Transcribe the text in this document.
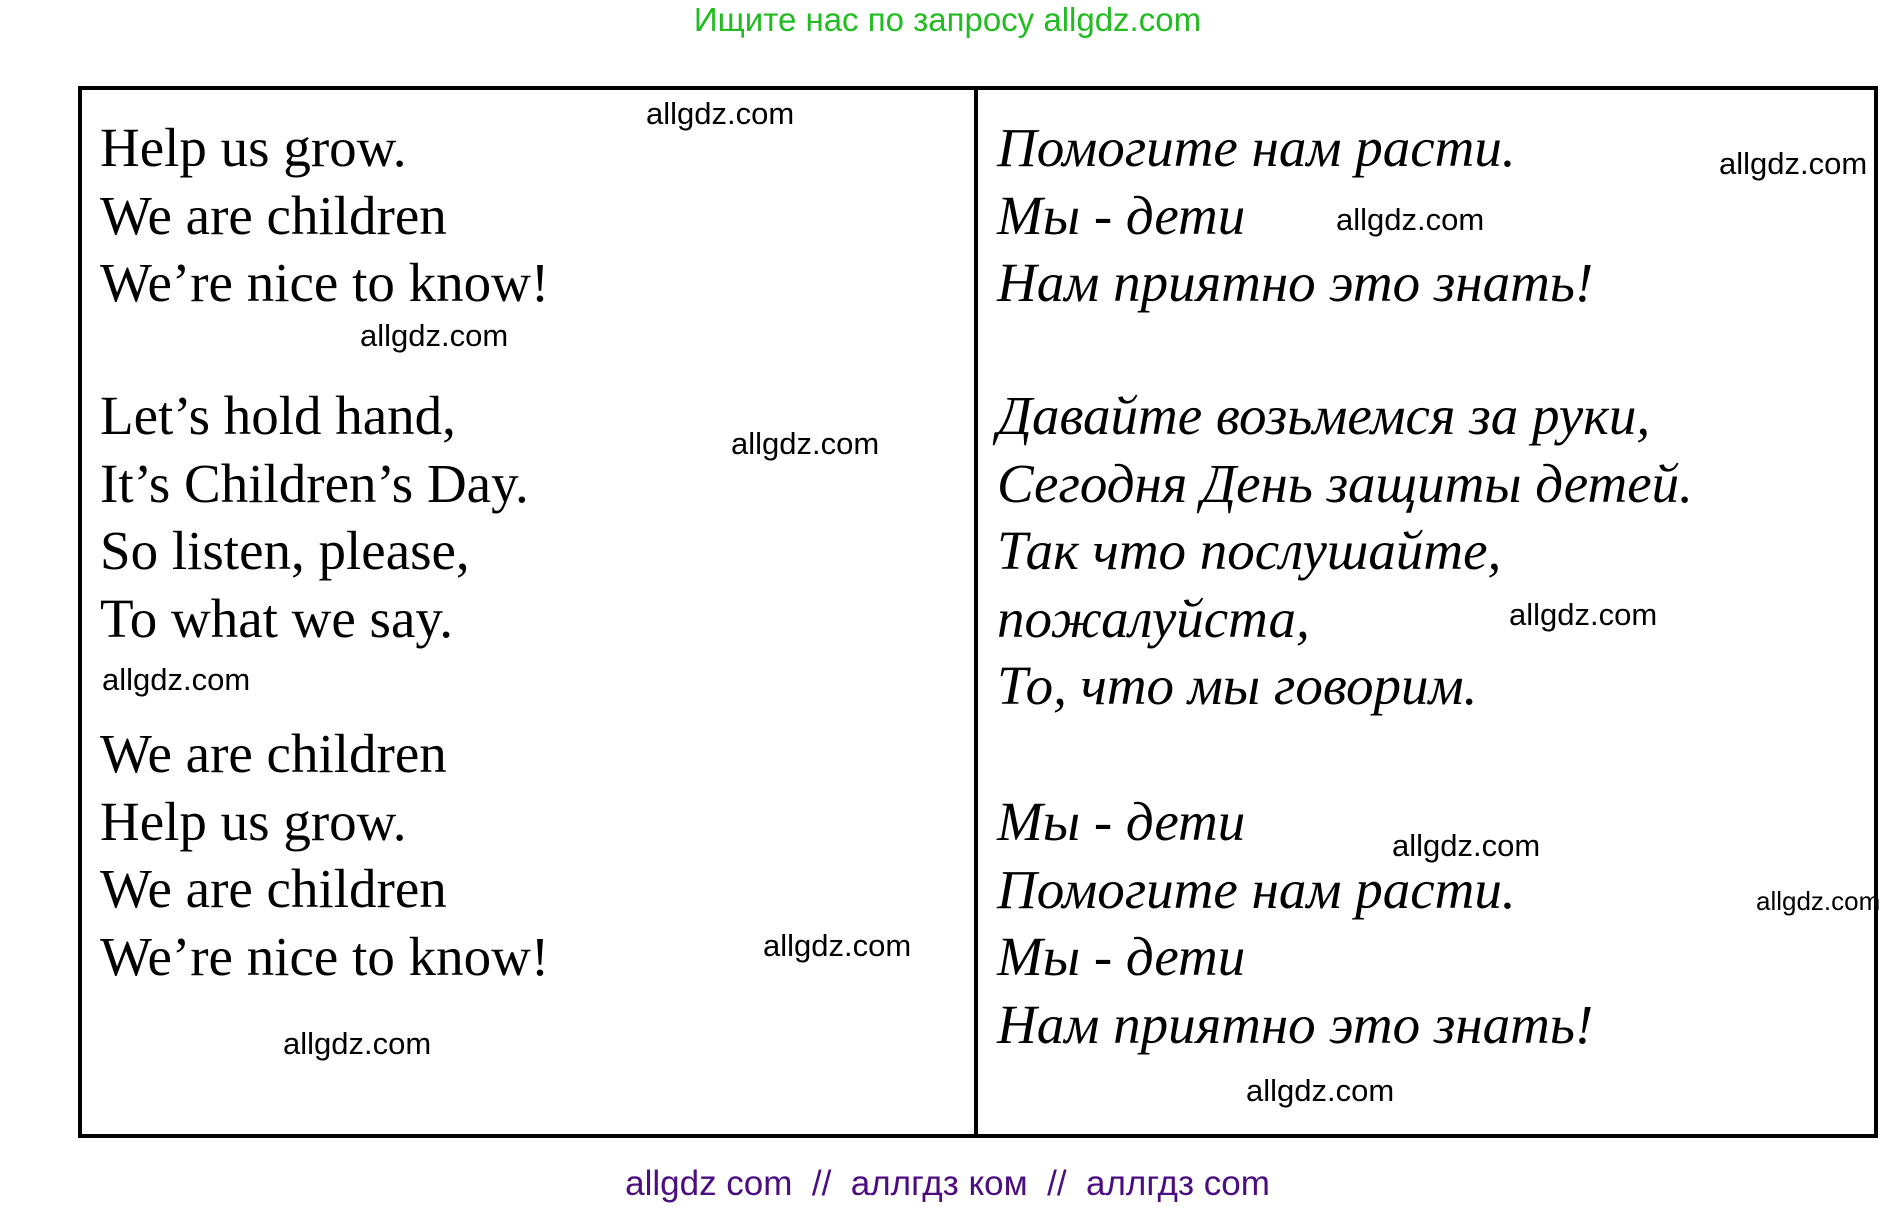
Ищите нас по запросу allgdz.com
Help us grow.
We are children
We’re nice to know!
Let’s hold hand,
It’s Children’s Day.
So listen, please,
To what we say.
We are children
Help us grow.
We are children
We’re nice to know!
Помогите нам расти.
Мы - дети
Нам приятно это знать!
Давайте возьмемся за руки,
Сегодня День защиты детей.
Так что послушайте,
пожалуйста,
То, что мы говорим.
Мы - дети
Помогите нам расти.
Мы - дети
Нам приятно это знать!
allgdz.com
allgdz.com
allgdz.com
allgdz.com
allgdz.com
allgdz.com
allgdz.com
allgdz.com
allgdz.com
allgdz.com
allgdz.com
allgdz.com
allgdz com  //  аллгдз ком  //  аллгдз com
